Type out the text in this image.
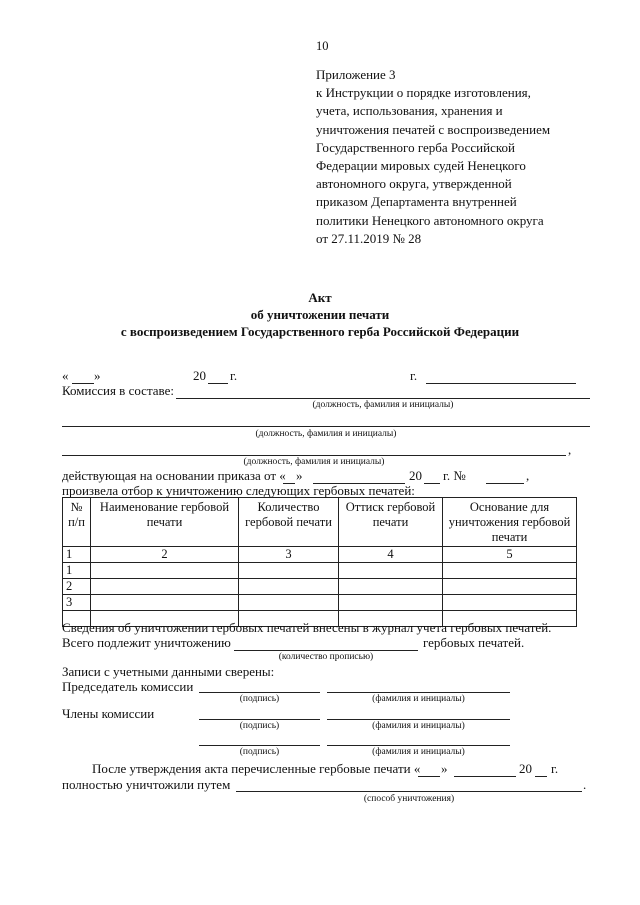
10
Приложение 3
к Инструкции о порядке изготовления,
учета, использования, хранения и
уничтожения печатей с воспроизведением
Государственного герба Российской
Федерации мировых судей Ненецкого
автономного округа, утвержденной
приказом Департамента внутренней
политики Ненецкого автономного округа
от 27.11.2019 № 28
Акт
об уничтожении печати
с воспроизведением Государственного герба Российской Федерации
« »	20 г.	г.
Комиссия в составе:
(должность, фамилия и инициалы)
(должность, фамилия и инициалы)
,
(должность, фамилия и инициалы)
действующая на основании приказа от « »	20 г. №	,
произвела отбор к уничтожению следующих гербовых печатей:
№ п/п	Наименование гербовой печати	Количество гербовой печати	Оттиск гербовой печати	Основание для уничтожения гербовой печати
1	2	3	4	5
1				
2				
3				

Сведения об уничтожении гербовых печатей внесены в журнал учета гербовых печатей.
Всего подлежит уничтожению	гербовых печатей.
(количество прописью)
Записи с учетными данными сверены:
Председатель комиссии
(подпись)	(фамилия и инициалы)
Члены комиссии
(подпись)	(фамилия и инициалы)
(подпись)	(фамилия и инициалы)
После утверждения акта перечисленные гербовые печати « »	20 г.
полностью уничтожили путем	.
(способ уничтожения)
